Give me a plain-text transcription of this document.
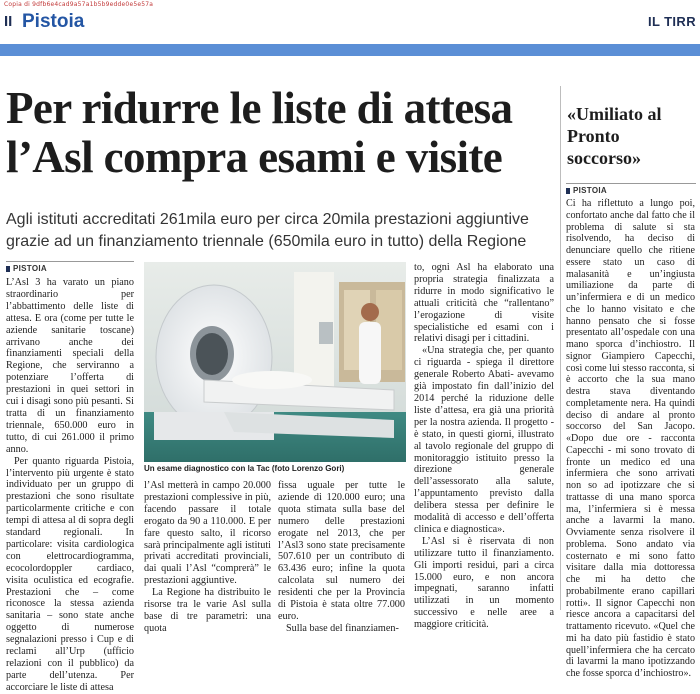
Copia di 9dfb6e4cad9a57a1b5b9edde0e5e57a
II Pistoia	IL TIRR
Per ridurre le liste di attesa
l’Asl compra esami e visite
Agli istituti accreditati 261mila euro per circa 20mila prestazioni aggiuntive
grazie ad un finanziamento triennale (650mila euro in tutto) della Regione
PISTOIA

L’Asl 3 ha varato un piano straordinario per l’abbattimento delle liste di attesa. E ora (come per tutte le aziende sanitarie toscane) arrivano anche dei finanziamenti speciali della Regione, che serviranno a potenziare l’offerta di prestazioni in quei settori in cui i disagi sono più pesanti. Si tratta di un finanziamento triennale, 650.000 euro in tutto, di cui 261.000 il primo anno.

Per quanto riguarda Pistoia, l’intervento più urgente è stato individuato per un gruppo di prestazioni che sono risultate particolarmente critiche e con tempi di attesa al di sopra degli standard regionali. In particolare: visita cardiologica con elettrocardiogramma, ecocolordoppler cardiaco, visita oculistica ed ecografie. Prestazioni che – come riconosce la stessa azienda sanitaria – sono state anche oggetto di numerose segnalazioni presso i Cup e di reclami all’Urp (ufficio relazioni con il pubblico) da parte dell’utenza. Per accorciare le liste di attesa

Un esame diagnostico con la Tac (foto Lorenzo Gori)

l’Asl metterà in campo 20.000 prestazioni complessive in più, facendo passare il totale erogato da 90 a 110.000. E per fare questo salto, il ricorso sarà principalmente agli istituti privati accreditati provinciali, dai quali l’Asl “comprerà” le prestazioni aggiuntive.

La Regione ha distribuito le risorse tra le varie Asl sulla base di tre parametri: una quota

fissa uguale per tutte le aziende di 120.000 euro; una quota stimata sulla base del numero delle prestazioni erogate nel 2013, che per l’Asl3 sono state precisamente 507.610 per un contributo di 63.436 euro; infine la quota calcolata sul numero dei residenti che per la Provincia di Pistoia è stata oltre 77.000 euro.

Sulla base del finanziamen-

to, ogni Asl ha elaborato una propria strategia finalizzata a ridurre in modo significativo le attuali criticità che “rallentano” l’erogazione di visite specialistiche ed esami con i relativi disagi per i cittadini.

«Una strategia che, per quanto ci riguarda - spiega il direttore generale Roberto Abati- avevamo già impostato fin dall’inizio del 2014 perché la riduzione delle liste d’attesa, era già una priorità per la nostra azienda. Il progetto - è stato, in questi giorni, illustrato al tavolo regionale del gruppo di monitoraggio istituito presso la direzione generale dell’assessorato alla salute, l’appuntamento previsto dalla delibera stessa per definire le modalità di accesso e dell’offerta clinica e diagnostica».

L’Asl si è riservata di non utilizzare tutto il finanziamento. Gli importi residui, pari a circa 15.000 euro, e non ancora impegnati, saranno infatti utilizzati in un momento successivo e nelle aree a maggiore criticità.

«Umiliato al Pronto soccorso»
PISTOIA

Ci ha riflettuto a lungo poi, confortato anche dal fatto che il problema di salute si sta risolvendo, ha deciso di denunciare quello che ritiene essere stato un caso di malasanità e un’ingiusta umiliazione da parte di un’infermiera e di un medico che lo hanno visitato e che hanno pensato che si fosse presentato all’ospedale con una mano sporca d’inchiostro. Il signor Giampiero Capecchi, così come lui stesso racconta, si è accorto che la sua mano destra stava diventando completamente nera. Ha quindi deciso di andare al pronto soccorso del San Jacopo. «Dopo due ore - racconta Capecchi - mi sono trovato di fronte un medico ed una infermiera che sono arrivati non so ad ipotizzare che si trattasse di una mano sporca ma, l’infermiera si è messa anche a lavarmi la mano. Ovviamente senza risolvere il problema. Sono andato via costernato e mi sono fatto visitare dalla mia dottoressa che mi ha detto che probabilmente erano capillari rotti». Il signor Capecchi non riesce ancora a capacitarsi del trattamento ricevuto. «Quel che mi ha dato più fastidio è stato quell’infermiera che ha cercato di lavarmi la mano ipotizzando che fosse sporca d’inchiostro».
